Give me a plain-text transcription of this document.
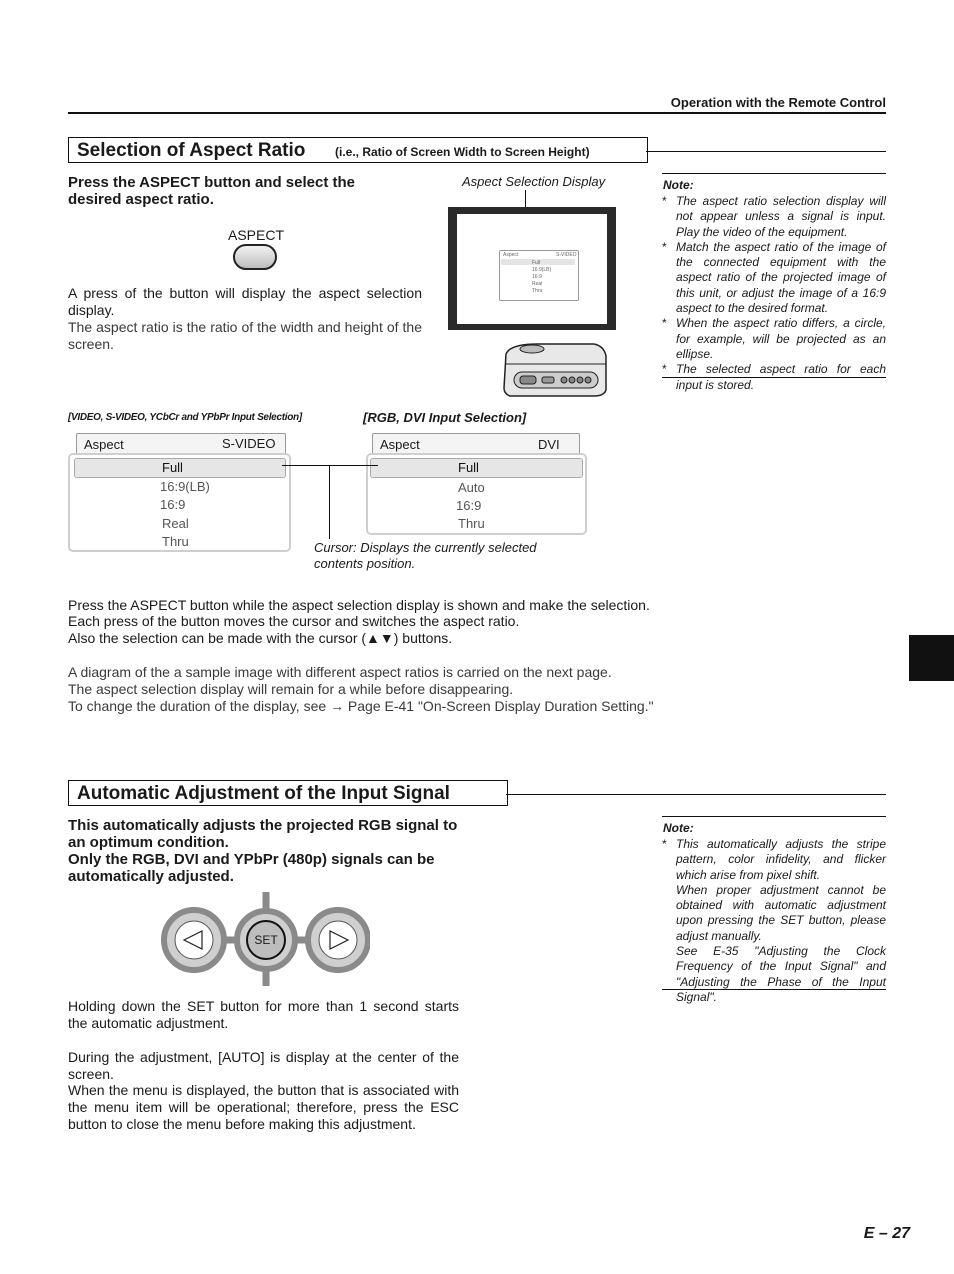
Operation with the Remote Control
Selection of Aspect Ratio (i.e., Ratio of Screen Width to Screen Height)
Press the ASPECT button and select the desired aspect ratio.
ASPECT
A press of the button will display the aspect selection display.
The aspect ratio is the ratio of the width and height of the screen.
Aspect Selection Display
Aspect	S-VIDEO
Full
16:9(LB)
16:9
Real
Thru
Note:
* The aspect ratio selection display will not appear unless a signal is input. Play the video of the equipment.
* Match the aspect ratio of the image of the connected equipment with the aspect ratio of the projected image of this unit, or adjust the image of a 16:9 aspect to the desired format.
* When the aspect ratio differs, a circle, for example, will be projected as an ellipse.
* The selected aspect ratio for each input is stored.
[VIDEO, S-VIDEO, YCbCr and YPbPr Input Selection]	[RGB, DVI Input Selection]
Aspect	S-VIDEO
Full
16:9(LB)
16:9
Real
Thru
Aspect	DVI
Full
Auto
16:9
Thru
Cursor: Displays the currently selected
contents position.
Press the ASPECT button while the aspect selection display is shown and make the selection.
Each press of the button moves the cursor and switches the aspect ratio.
Also the selection can be made with the cursor (▲▼) buttons.
A diagram of the a sample image with different aspect ratios is carried on the next page.
The aspect selection display will remain for a while before disappearing.
To change the duration of the display, see → Page E-41 "On-Screen Display Duration Setting."
Automatic Adjustment of the Input Signal
This automatically adjusts the projected RGB signal to an optimum condition.
Only the RGB, DVI and YPbPr (480p) signals can be automatically adjusted.
SET
Holding down the SET button for more than 1 second starts the automatic adjustment.
During the adjustment, [AUTO] is display at the center of the screen.
When the menu is displayed, the button that is associated with the menu item will be operational; therefore, press the ESC button to close the menu before making this adjustment.
Note:
* This automatically adjusts the stripe pattern, color infidelity, and flicker which arise from pixel shift.
When proper adjustment cannot be obtained with automatic adjustment upon pressing the SET button, please adjust manually.
See E-35 "Adjusting the Clock Frequency of the Input Signal" and "Adjusting the Phase of the Input Signal".
E – 27
